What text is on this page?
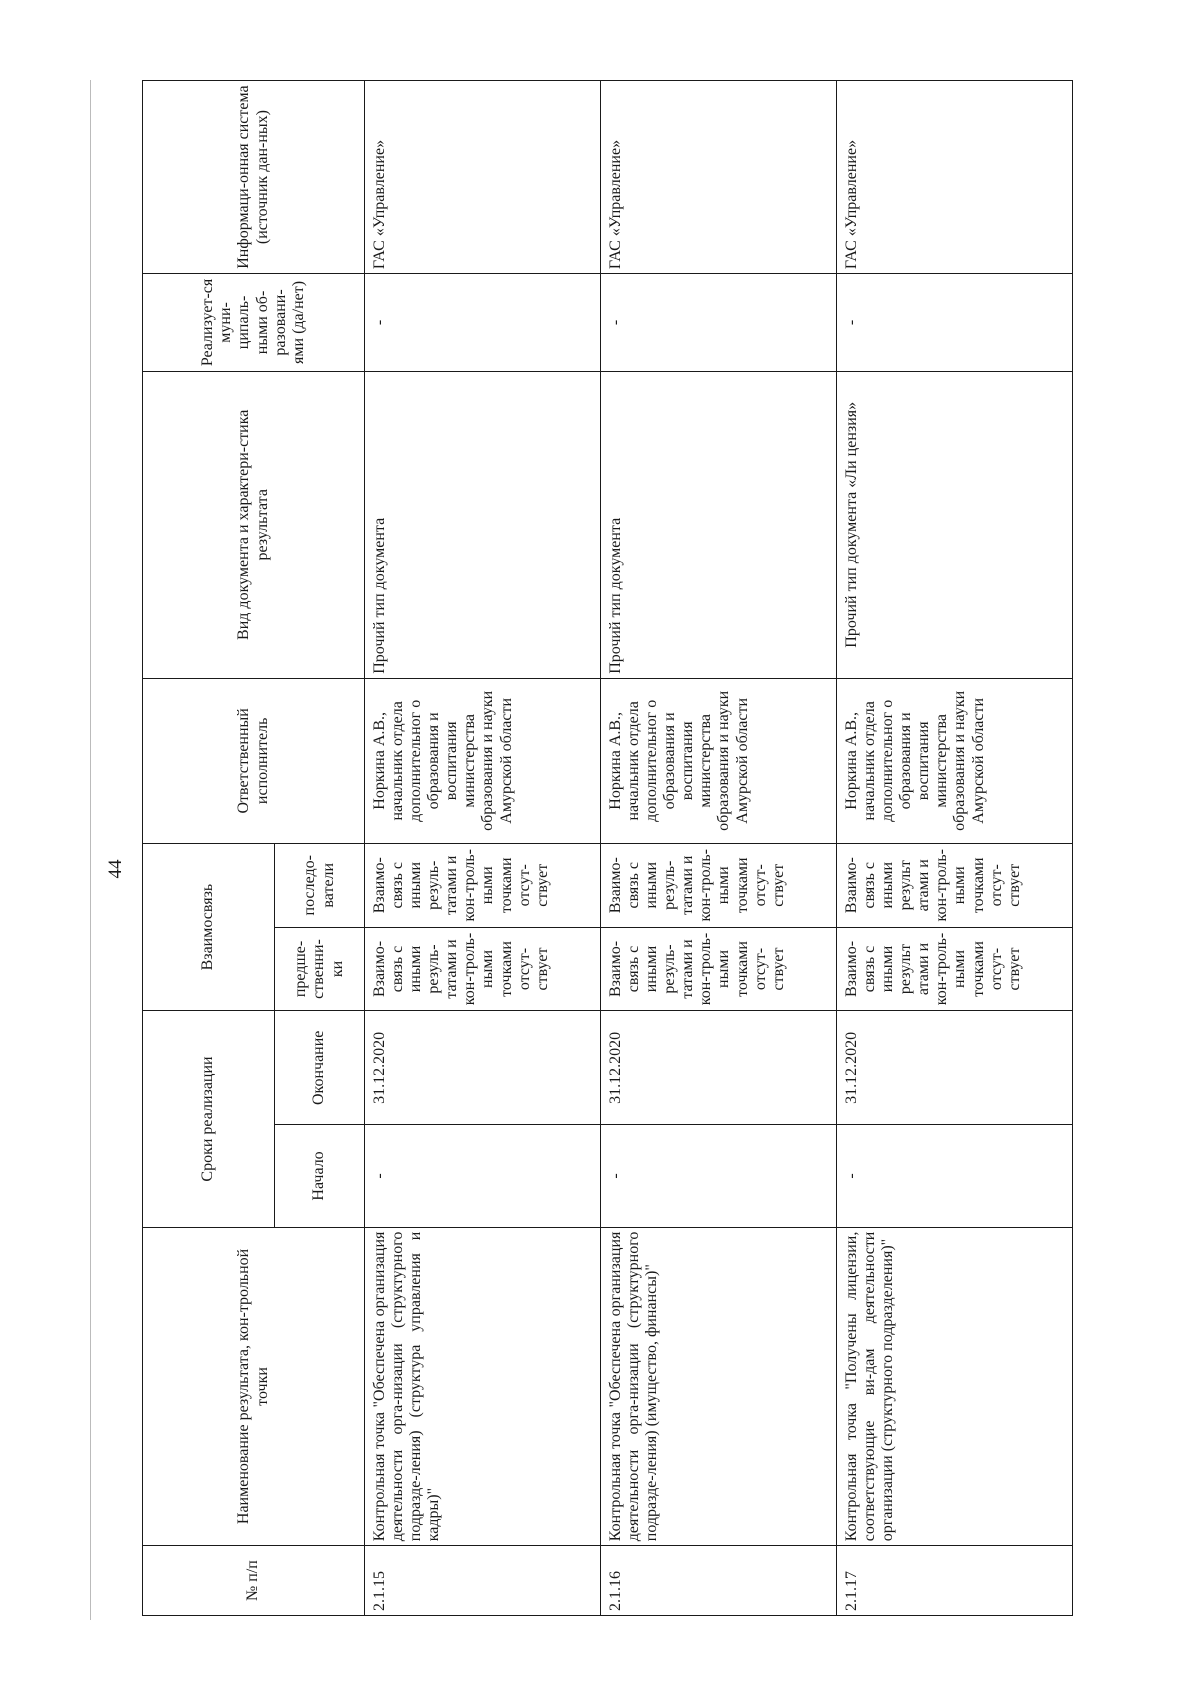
44
№ п/п	Наименование результата, кон-трольной точки	Сроки реализации		Взаимосвязь		Ответственный исполнитель	Вид документа и характери-стика результата	Реализует-ся муни-ципаль-ными об-разовани-ями (да/нет)	Информаци-онная система (источник дан-ных)
		Начало	Окончание	предше-ственни-ки	последо-ватели				
2.1.15	Контрольная точка "Обеспечена организация деятельности орга-низации (структурного подразде-ления) (структура управления и кадры)"	-	31.12.2020	Взаимо-связь с иными резуль-татами и кон-троль-ными точками отсут-ствует	Взаимо-связь с иными резуль-татами и кон-троль-ными точками отсут-ствует	Норкина А.В., начальник отдела дополнительног о образования и воспитания министерства образования и науки Амурской области	Прочий тип документа	-	ГАС «Управление»
2.1.16	Контрольная точка "Обеспечена организация деятельности орга-низации (структурного подразде-ления) (имущество, финансы)"	-	31.12.2020	Взаимо-связь с иными резуль-татами и кон-троль-ными точками отсут-ствует	Взаимо-связь с иными резуль-татами и кон-троль-ными точками отсут-ствует	Норкина А.В., начальник отдела дополнительног о образования и воспитания министерства образования и науки Амурской области	Прочий тип документа	-	ГАС «Управление»
2.1.17	Контрольная точка "Получены лицензии, соответствующие ви-дам деятельности организации (структурного подразделения)"	-	31.12.2020	Взаимо-связь с иными результ атами и кон-троль-ными точками отсут-ствует	Взаимо-связь с иными результ атами и кон-троль-ными точками отсут-ствует	Норкина А.В., начальник отдела дополнительног о образования и воспитания министерства образования и науки Амурской области	Прочий тип документа «Ли цензия»	-	ГАС «Управление»
